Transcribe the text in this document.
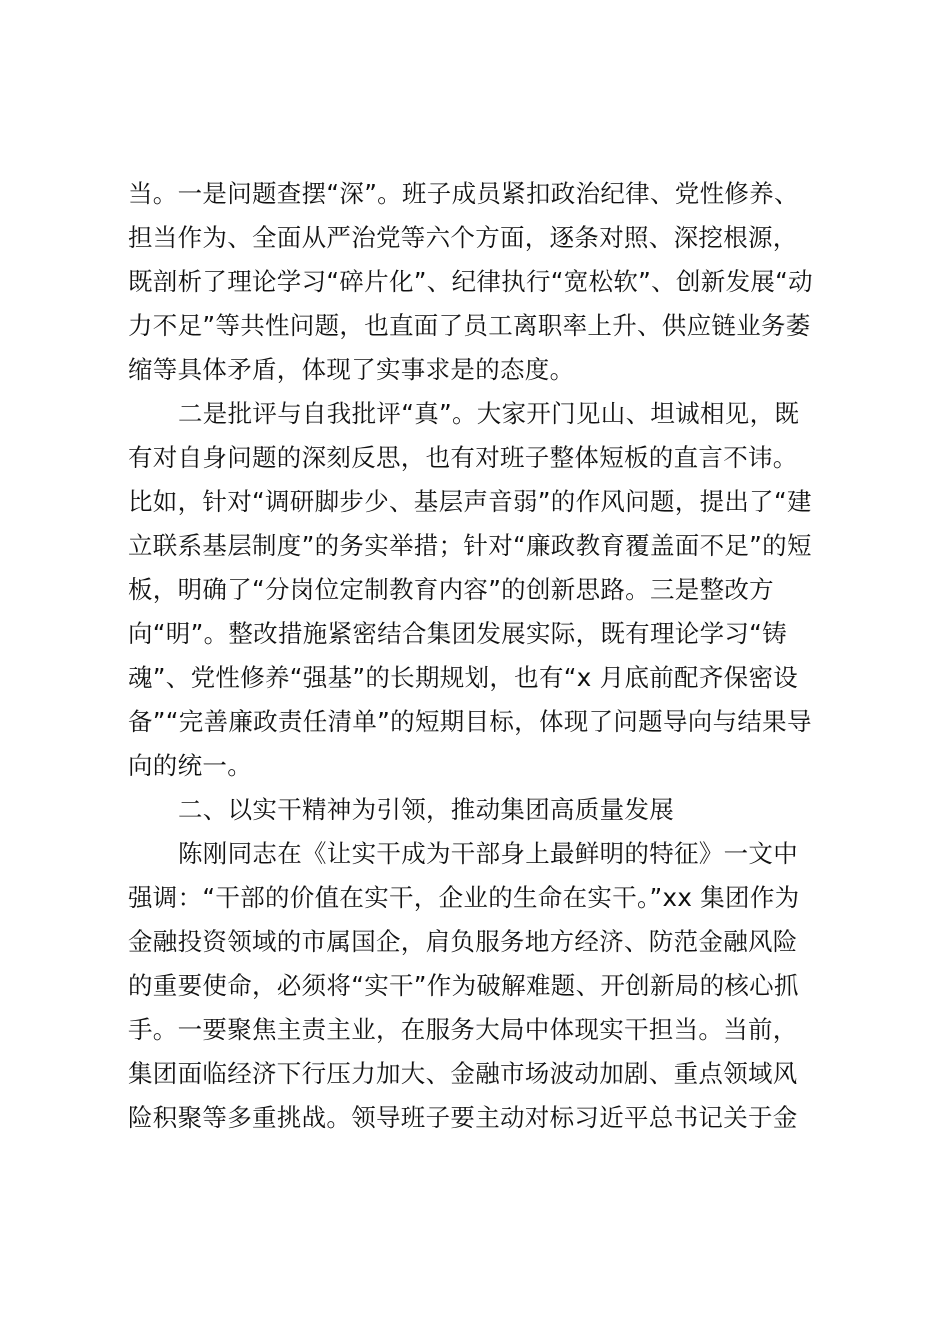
当。一是问题查摆“深”。班子成员紧扣政治纪律、党性修养、
担当作为、全面从严治党等六个方面，逐条对照、深挖根源，
既剖析了理论学习“碎片化”、纪律执行“宽松软”、创新发展“动
力不足”等共性问题，也直面了员工离职率上升、供应链业务萎
缩等具体矛盾，体现了实事求是的态度。
二是批评与自我批评“真”。大家开门见山、坦诚相见，既
有对自身问题的深刻反思，也有对班子整体短板的直言不讳。
比如，针对“调研脚步少、基层声音弱”的作风问题，提出了“建
立联系基层制度”的务实举措；针对“廉政教育覆盖面不足”的短
板，明确了“分岗位定制教育内容”的创新思路。三是整改方
向“明”。整改措施紧密结合集团发展实际，既有理论学习“铸
魂”、党性修养“强基”的长期规划，也有“x 月底前配齐保密设
备”“完善廉政责任清单”的短期目标，体现了问题导向与结果导
向的统一。
二、以实干精神为引领，推动集团高质量发展
陈刚同志在《让实干成为干部身上最鲜明的特征》一文中
强调：“干部的价值在实干，企业的生命在实干。”xx 集团作为
金融投资领域的市属国企，肩负服务地方经济、防范金融风险
的重要使命，必须将“实干”作为破解难题、开创新局的核心抓
手。一要聚焦主责主业，在服务大局中体现实干担当。当前，
集团面临经济下行压力加大、金融市场波动加剧、重点领域风
险积聚等多重挑战。领导班子要主动对标习近平总书记关于金
